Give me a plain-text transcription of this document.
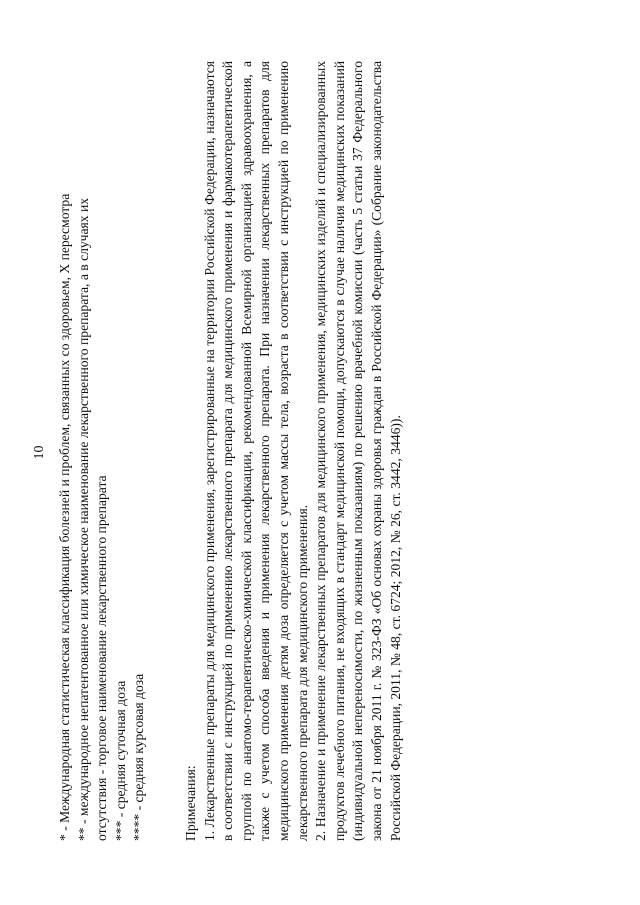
10 * - Международная статистическая классификация болезней и проблем, связанных со здоровьем, X пересмотра ** - международное непатентованное или химическое наименование лекарственного препарата, а в случаях их отсутствия - торговое наименование лекарственного препарата *** - средняя суточная доза **** - средняя курсовая доза	Примечания: 1. Лекарственные препараты для медицинского применения, зарегистрированные на территории Российской Федерации, назначаются в соответствии с инструкцией по применению лекарственного препарата для медицинского применения и фармакотерапевтической группой по анатомо-терапевтическо-химической классификации, рекомендованной Всемирной организацией здравоохранения, а также с учетом способа введения и применения лекарственного препарата. При назначении лекарственных препаратов для медицинского применения детям доза определяется с учетом массы тела, возраста в соответствии с инструкцией по применению лекарственного препарата для медицинского применения. 2. Назначение и применение лекарственных препаратов для медицинского применения, медицинских изделий и специализированных продуктов лечебного питания, не входящих в стандарт медицинской помощи, допускаются в случае наличия медицинских показаний (индивидуальной непереносимости, по жизненным показаниям) по решению врачебной комиссии (часть 5 статьи 37 Федерального закона от 21 ноября 2011 г. № 323-ФЗ «Об основах охраны здоровья граждан в Российской Федерации» (Собрание законодательства Российской Федерации, 2011, № 48, ст. 6724; 2012, № 26, ст. 3442, 3446)).
